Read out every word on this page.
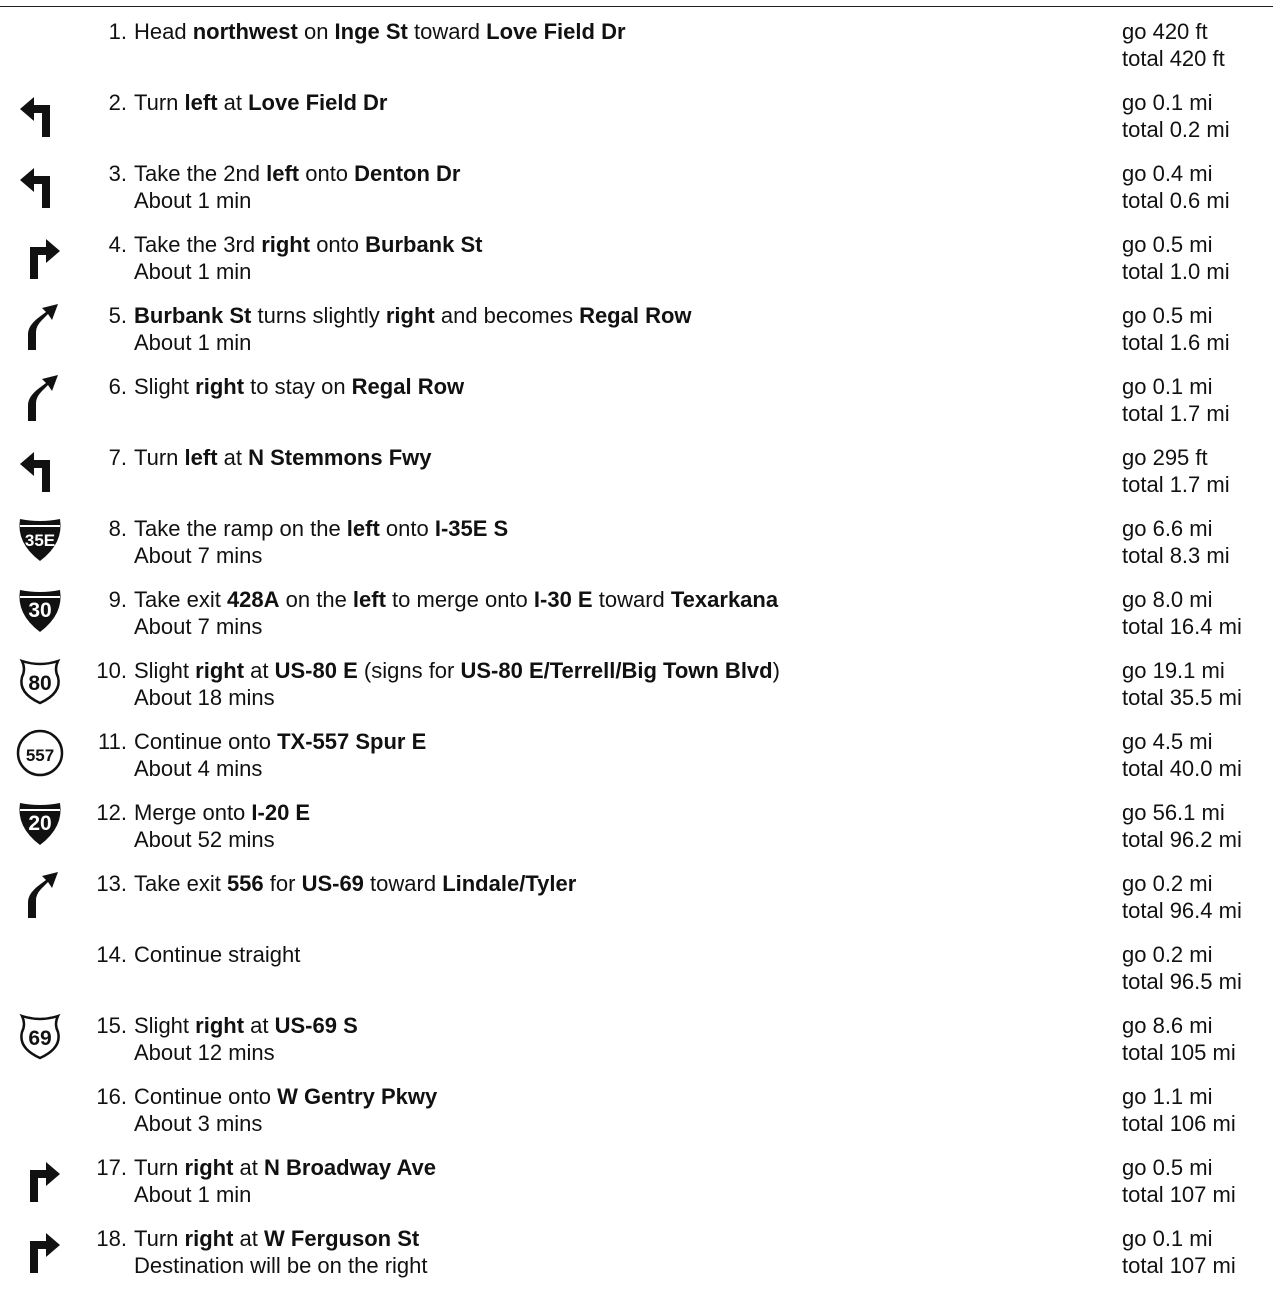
1. Head northwest on Inge St toward Love Field Dr	go 420 ft
total 420 ft
2. Turn left at Love Field Dr	go 0.1 mi
total 0.2 mi
3. Take the 2nd left onto Denton Dr
About 1 min
go 0.4 mi
total 0.6 mi
4. Take the 3rd right onto Burbank St
About 1 min
go 0.5 mi
total 1.0 mi
5. Burbank St turns slightly right and becomes Regal Row
About 1 min
go 0.5 mi
total 1.6 mi
6. Slight right to stay on Regal Row	go 0.1 mi
total 1.7 mi
7. Turn left at N Stemmons Fwy	go 295 ft
total 1.7 mi
35E 8. Take the ramp on the left onto I-35E S
About 7 mins
go 6.6 mi
total 8.3 mi
30	9. Take exit 428A on the left to merge onto I-30 E toward Texarkana
About 7 mins
go 8.0 mi
total 16.4 mi
80
10. Slight right at US-80 E (signs for US-80 E/Terrell/Big Town Blvd)
About 18 mins
go 19.1 mi
total 35.5 mi
557
11. Continue onto TX-557 Spur E
About 4 mins
go 4.5 mi
total 40.0 mi
20 12. Merge onto I-20 E
About 52 mins
go 56.1 mi
total 96.2 mi
13. Take exit 556 for US-69 toward Lindale/Tyler	go 0.2 mi
total 96.4 mi
14. Continue straight	go 0.2 mi
total 96.5 mi
69
15. Slight right at US-69 S
About 12 mins
go 8.6 mi
total 105 mi
16. Continue onto W Gentry Pkwy
About 3 mins
go 1.1 mi
total 106 mi
17. Turn right at N Broadway Ave
About 1 min
go 0.5 mi
total 107 mi
18. Turn right at W Ferguson St
Destination will be on the right
go 0.1 mi
total 107 mi
